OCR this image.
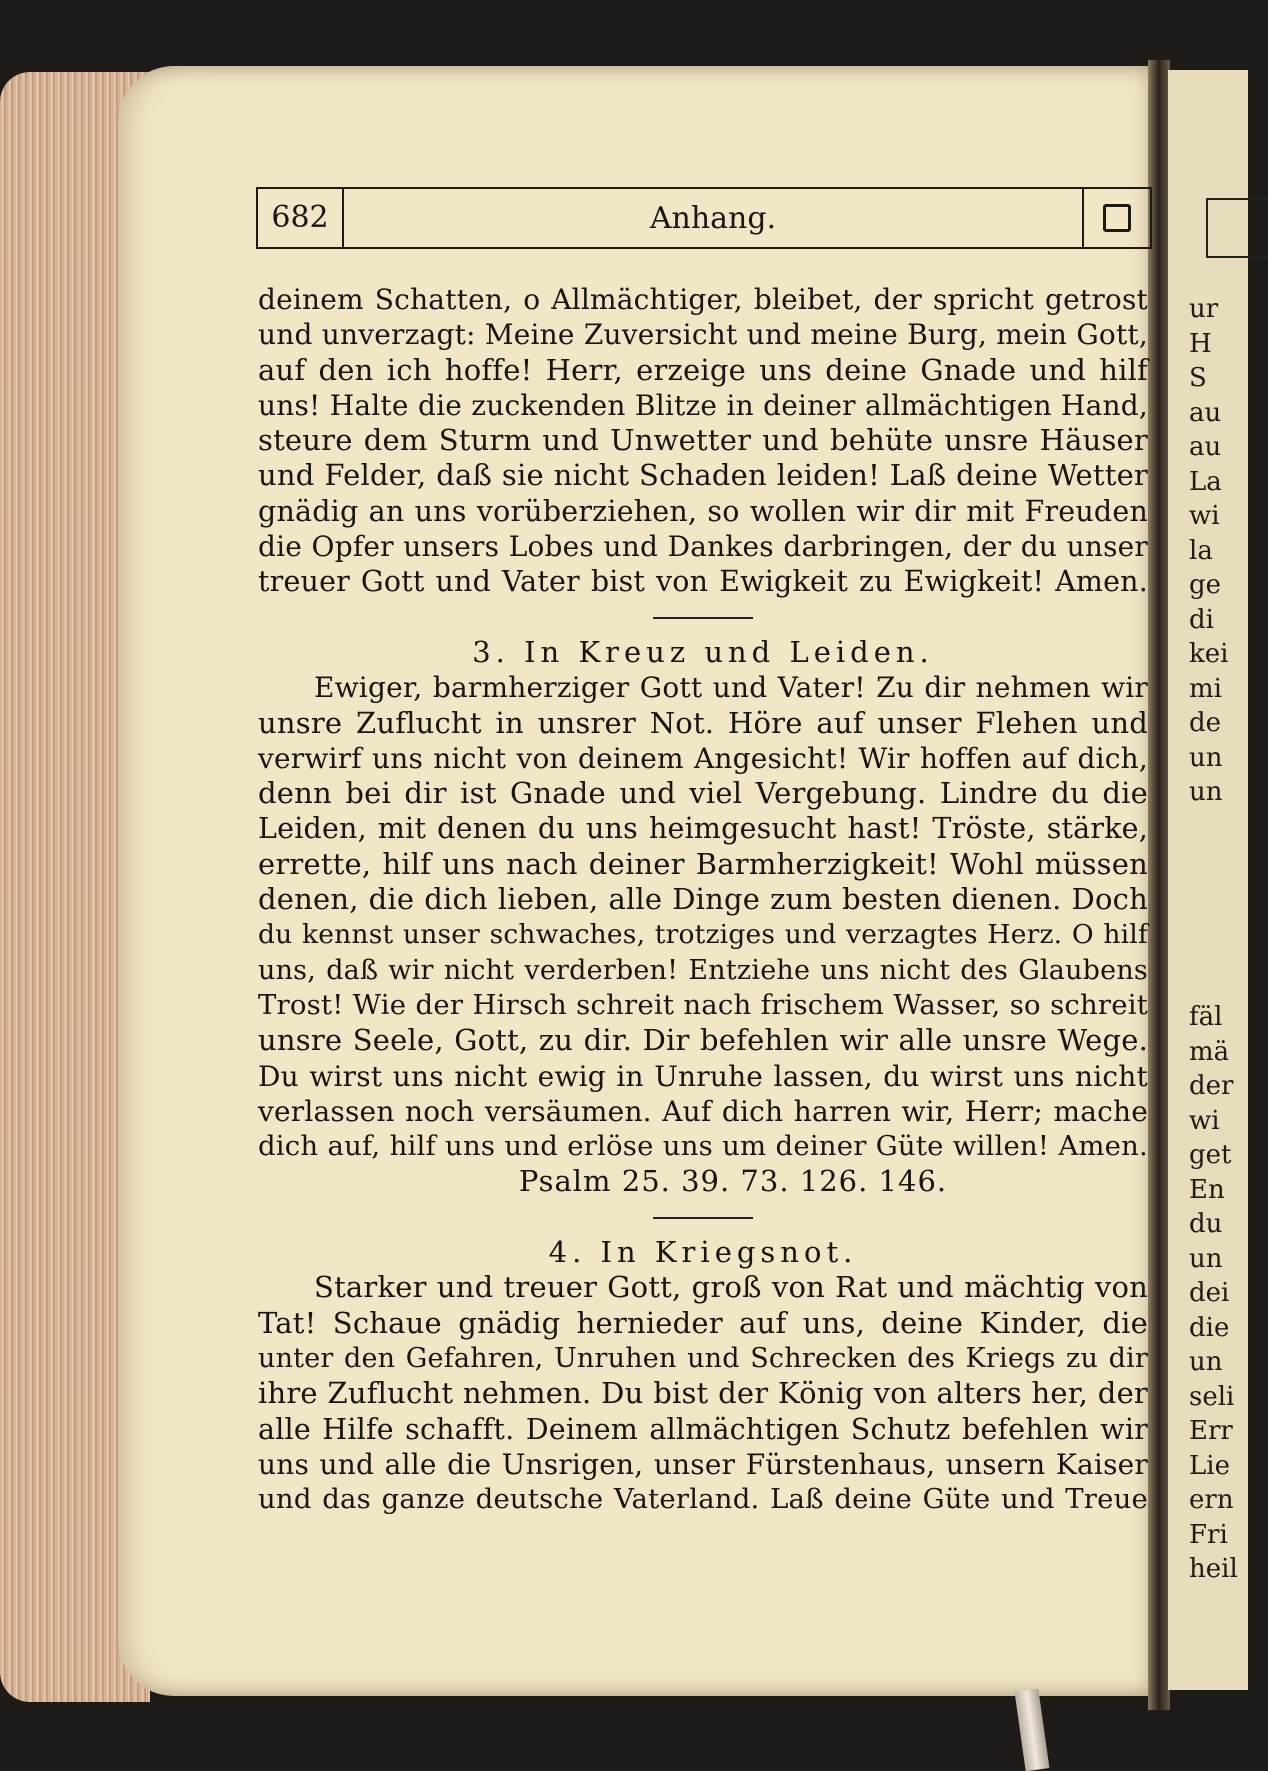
ur
H
S
au
au
La
wi
la
ge
di
kei
mi
de
un
un
fäl
mä
der
wi
get
En
du
un
dei
die
un
seli
Err
Lie
ern
Fri
heil
682	Anhang.
deinem Schatten, o Allmächtiger, bleibet, der spricht getrost
und unverzagt: Meine Zuversicht und meine Burg, mein Gott,
auf den ich hoffe! Herr, erzeige uns deine Gnade und hilf
uns! Halte die zuckenden Blitze in deiner allmächtigen Hand,
steure dem Sturm und Unwetter und behüte unsre Häuser
und Felder, daß sie nicht Schaden leiden! Laß deine Wetter
gnädig an uns vorüberziehen, so wollen wir dir mit Freuden
die Opfer unsers Lobes und Dankes darbringen, der du unser
treuer Gott und Vater bist von Ewigkeit zu Ewigkeit! Amen.
3. In Kreuz und Leiden.
Ewiger, barmherziger Gott und Vater! Zu dir nehmen wir
unsre Zuflucht in unsrer Not. Höre auf unser Flehen und
verwirf uns nicht von deinem Angesicht! Wir hoffen auf dich,
denn bei dir ist Gnade und viel Vergebung. Lindre du die
Leiden, mit denen du uns heimgesucht hast! Tröste, stärke,
errette, hilf uns nach deiner Barmherzigkeit! Wohl müssen
denen, die dich lieben, alle Dinge zum besten dienen. Doch
du kennst unser schwaches, trotziges und verzagtes Herz. O hilf
uns, daß wir nicht verderben! Entziehe uns nicht des Glaubens
Trost! Wie der Hirsch schreit nach frischem Wasser, so schreit
unsre Seele, Gott, zu dir. Dir befehlen wir alle unsre Wege.
Du wirst uns nicht ewig in Unruhe lassen, du wirst uns nicht
verlassen noch versäumen. Auf dich harren wir, Herr; mache
dich auf, hilf uns und erlöse uns um deiner Güte willen! Amen.
Psalm 25. 39. 73. 126. 146.
4. In Kriegsnot.
Starker und treuer Gott, groß von Rat und mächtig von
Tat! Schaue gnädig hernieder auf uns, deine Kinder, die
unter den Gefahren, Unruhen und Schrecken des Kriegs zu dir
ihre Zuflucht nehmen. Du bist der König von alters her, der
alle Hilfe schafft. Deinem allmächtigen Schutz befehlen wir
uns und alle die Unsrigen, unser Fürstenhaus, unsern Kaiser
und das ganze deutsche Vaterland. Laß deine Güte und Treue
